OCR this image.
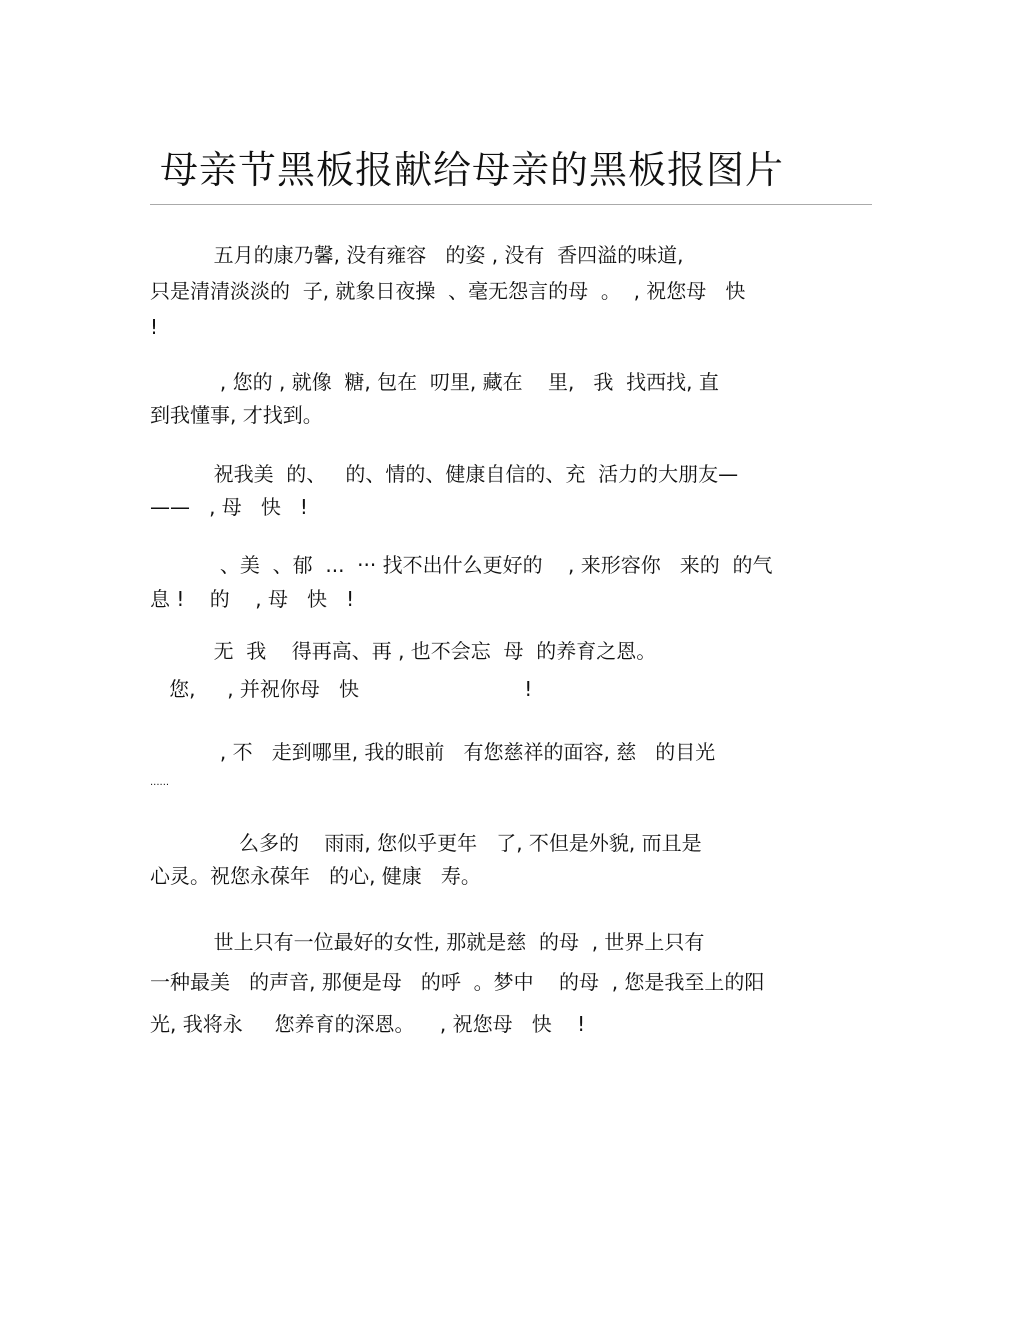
母亲节黑板报献给母亲的黑板报图片
五月的康乃馨, 没有雍容   的姿 , 没有  香四溢的味道,
只是清清淡淡的  子, 就象日夜操  、毫无怨言的母  。  , 祝您母   快
!
, 您的 , 就像  糖, 包在  叨里, 藏在    里,   我  找西找, 直
到我懂事, 才找到。
祝我美  的、   的、情的、健康自信的、充  活力的大朋友—
——   , 母   快   !
、美  、郁  ...  ··· 找不出什么更好的    , 来形容你   来的  的气
息 !    的    , 母   快   !
无  我    得再高、再 , 也不会忘  母  的养育之恩。
您,     , 并祝你母   快                          !
, 不   走到哪里, 我的眼前   有您慈祥的面容, 慈   的目光
......
么多的    雨雨, 您似乎更年   了, 不但是外貌, 而且是
心灵。祝您永葆年   的心, 健康   寿。
世上只有一位最好的女性, 那就是慈  的母  , 世界上只有
一种最美   的声音, 那便是母   的呼  。梦中    的母  , 您是我至上的阳
光, 我将永     您养育的深恩。    , 祝您母   快    !
